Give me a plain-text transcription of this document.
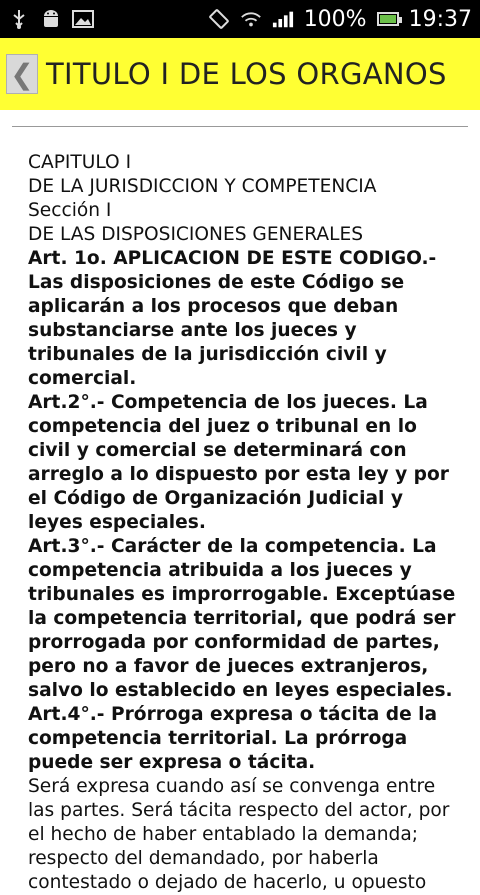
100% 19:37
❮ TITULO I DE LOS ORGANOS
CAPITULO I
DE LA JURISDICCION Y COMPETENCIA
Sección I
DE LAS DISPOSICIONES GENERALES
Art. 1o. APLICACION DE ESTE CODIGO.- Las disposiciones de este Código se aplicarán a los procesos que deban substanciarse ante los jueces y tribunales de la jurisdicción civil y comercial.
Art.2°.- Competencia de los jueces. La competencia del juez o tribunal en lo civil y comercial se determinará con arreglo a lo dispuesto por esta ley y por el Código de Organización Judicial y leyes especiales.
Art.3°.- Carácter de la competencia. La competencia atribuida a los jueces y tribunales es improrrogable. Exceptúase la competencia territorial, que podrá ser prorrogada por conformidad de partes, pero no a favor de jueces extranjeros, salvo lo establecido en leyes especiales.
Art.4°.- Prórroga expresa o tácita de la competencia territorial. La prórroga puede ser expresa o tácita.
Será expresa cuando así se convenga entre las partes. Será tácita respecto del actor, por el hecho de haber entablado la demanda; respecto del demandado, por haberla contestado o dejado de hacerlo, u opuesto
